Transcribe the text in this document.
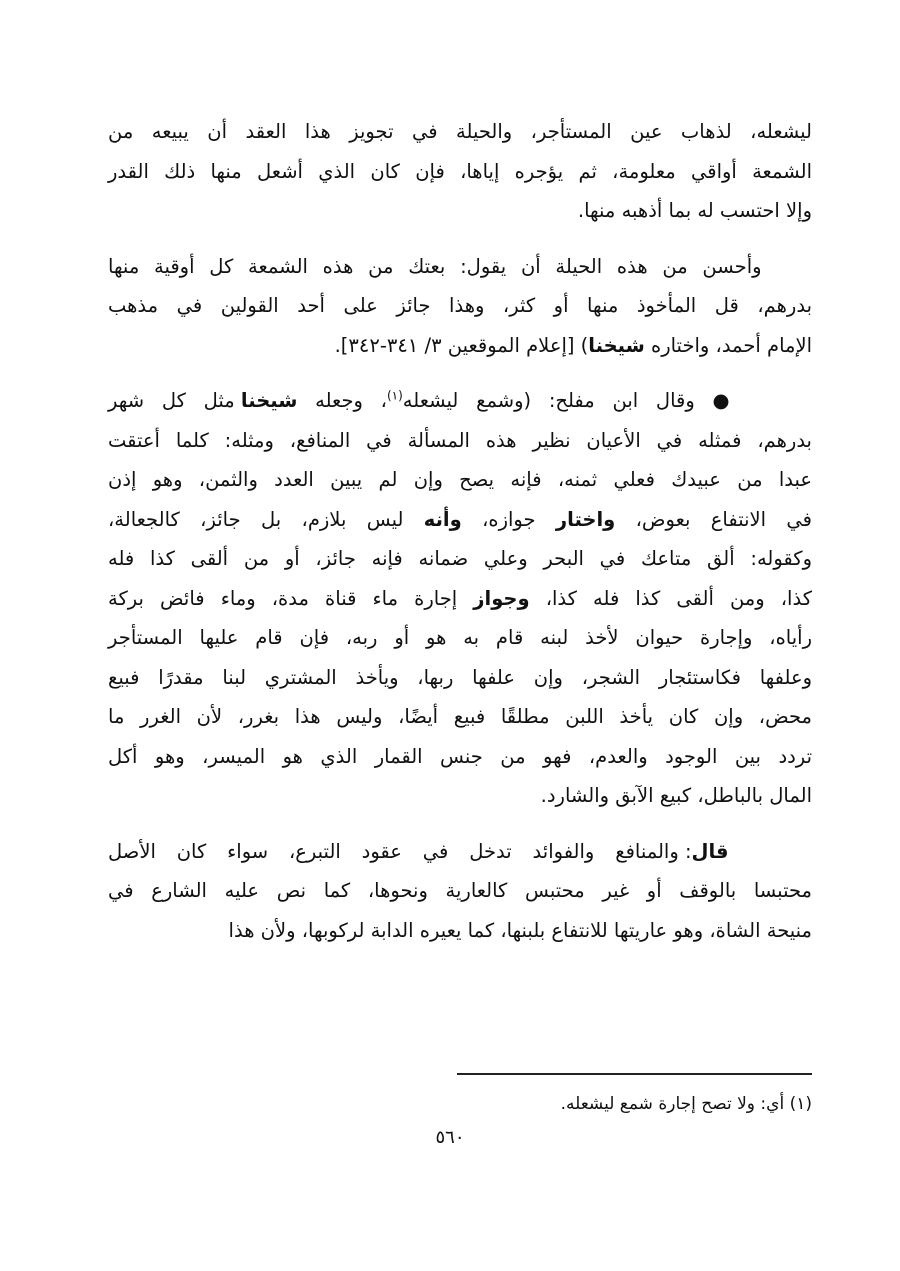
ليشعله، لذهاب عين المستأجر، والحيلة في تجويز هذا العقد أن يبيعه من
الشمعة أواقي معلومة، ثم يؤجره إياها، فإن كان الذي أشعل منها ذلك القدر
وإلا احتسب له بما أذهبه منها.
وأحسن من هذه الحيلة أن يقول: بعتك من هذه الشمعة كل أوقية منها
بدرهم، قل المأخوذ منها أو كثر، وهذا جائز على أحد القولين في مذهب
الإمام أحمد، واختاره شيخنا) [إعلام الموقعين ٣/ ٣٤١-٣٤٢].
● وقال ابن مفلح: (وشمع ليشعله$^{(١)}$، وجعله شيخنا مثل كل شهر
بدرهم، فمثله في الأعيان نظير هذه المسألة في المنافع، ومثله: كلما أعتقت
عبدا من عبيدك فعلي ثمنه، فإنه يصح وإن لم يبين العدد والثمن، وهو إذن
في الانتفاع بعوض، واختار جوازه، وأنه ليس بلازم، بل جائز، كالجعالة،
وكقوله: ألق متاعك في البحر وعلي ضمانه فإنه جائز، أو من ألقى كذا فله
كذا، ومن ألقى كذا فله كذا، وجواز إجارة ماء قناة مدة، وماء فائض بركة
رأياه، وإجارة حيوان لأخذ لبنه قام به هو أو ربه، فإن قام عليها المستأجر
وعلفها فكاستئجار الشجر، وإن علفها ربها، ويأخذ المشتري لبنا مقدرًا فبيع
محض، وإن كان يأخذ اللبن مطلقًا فبيع أيضًا، وليس هذا بغرر، لأن الغرر ما
تردد بين الوجود والعدم، فهو من جنس القمار الذي هو الميسر، وهو أكل
المال بالباطل، كبيع الآبق والشارد.
قال: والمنافع والفوائد تدخل في عقود التبرع، سواء كان الأصل
محتبسا بالوقف أو غير محتبس كالعارية ونحوها، كما نص عليه الشارع في
منيحة الشاة، وهو عاريتها للانتفاع بلبنها، كما يعيره الدابة لركوبها، ولأن هذا
(١) أي: ولا تصح إجارة شمع ليشعله.
٥٦٠
